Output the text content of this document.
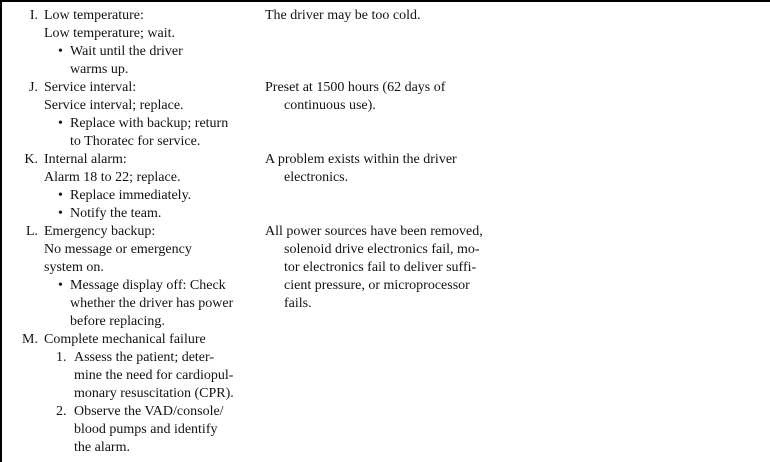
I. Low temperature:
Low temperature; wait.
• Wait until the driver
warms up.
The driver may be too cold.
J. Service interval:
Service interval; replace.
• Replace with backup; return
to Thoratec for service.
Preset at 1500 hours (62 days of
continuous use).
K. Internal alarm:
Alarm 18 to 22; replace.
• Replace immediately.
• Notify the team.
A problem exists within the driver
electronics.
L. Emergency backup:
No message or emergency
system on.
• Message display off: Check
whether the driver has power
before replacing.
All power sources have been removed,
solenoid drive electronics fail, mo-
tor electronics fail to deliver suffi-
cient pressure, or microprocessor
fails.
M. Complete mechanical failure
1. Assess the patient; deter-
mine the need for cardiopul-
monary resuscitation (CPR).
2. Observe the VAD/console/
blood pumps and identify
the alarm.
